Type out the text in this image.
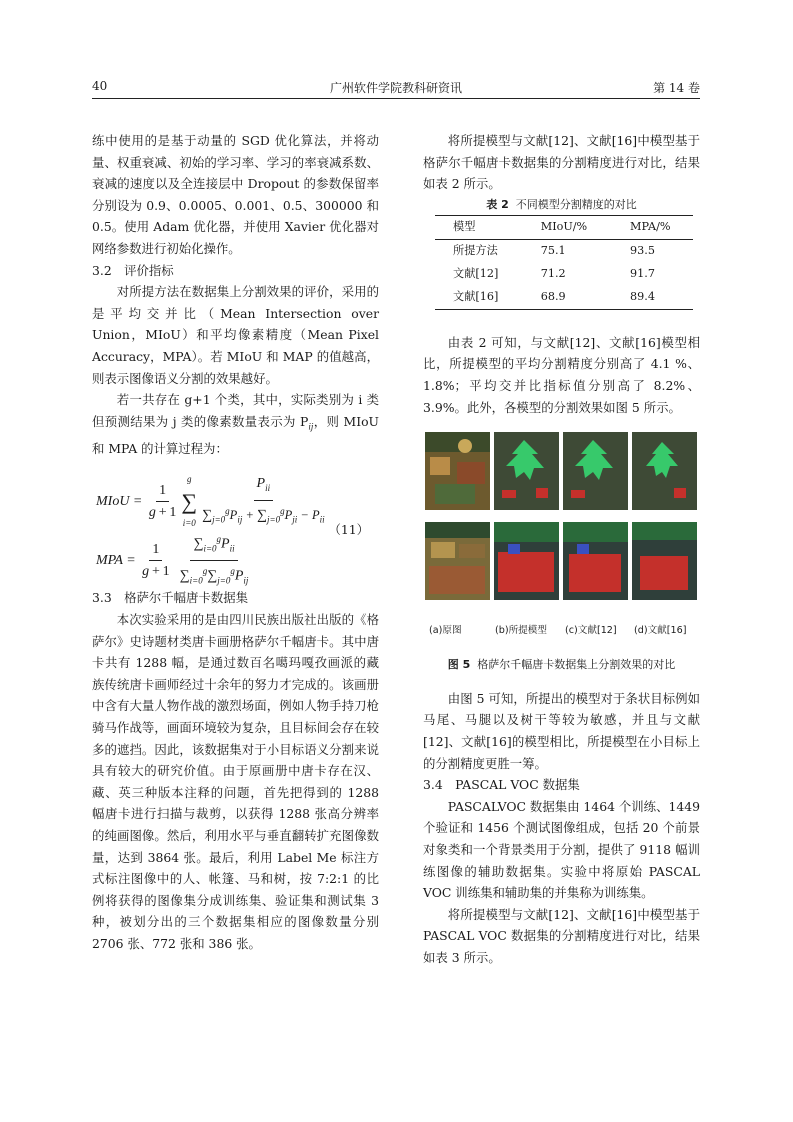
40	广州软件学院教科研资讯	第 14 卷

练中使用的是基于动量的 SGD 优化算法，并将动量、权重衰减、初始的学习率、学习的率衰减系数、衰减的速度以及全连接层中 Dropout 的参数保留率分别设为 0.9、0.0005、0.001、0.5、300000 和 0.5。使用 Adam 优化器，并使用 Xavier 优化器对网络参数进行初始化操作。

3.2　评价指标

对所提方法在数据集上分割效果的评价，采用的是平均交并比（Mean Intersection over Union，MIoU）和平均像素精度（Mean Pixel Accuracy，MPA）。若 MIoU 和 MAP 的值越高，则表示图像语义分割的效果越好。

若一共存在 g+1 个类，其中，实际类别为 i 类但预测结果为 j 类的像素数量表示为 $P_{ij}$，则 MIoU 和 MPA 的计算过程为：

MIoU =
$\frac{1}{g + 1}$
g
∑
$i=0 \frac{P_{ii}}{\sum_{j=0}^gP_{ij} + \sum_{j=0}^gP_{ji} - P_{ii}}$
MPA =
$\frac{1}{g + 1} \frac{\sum_{i=0}^gP_{ii}}{\sum_{i=0}^g\sum_{j=0}^gP_{ij}}$	（11）

3.3　格萨尔千幅唐卡数据集

本次实验采用的是由四川民族出版社出版的《格萨尔》史诗题材类唐卡画册格萨尔千幅唐卡。其中唐卡共有 1288 幅，是通过数百名噶玛嘎孜画派的藏族传统唐卡画师经过十余年的努力才完成的。该画册中含有大量人物作战的激烈场面，例如人物手持刀枪骑马作战等，画面环境较为复杂，且目标间会存在较多的遮挡。因此，该数据集对于小目标语义分割来说具有较大的研究价值。由于原画册中唐卡存在汉、藏、英三种版本注释的问题，首先把得到的 1288 幅唐卡进行扫描与裁剪，以获得 1288 张高分辨率的纯画图像。然后，利用水平与垂直翻转扩充图像数量，达到 3864 张。最后，利用 Label Me 标注方式标注图像中的人、帐篷、马和树，按 7:2:1 的比例将获得的图像集分成训练集、验证集和测试集 3 种，被划分出的三个数据集相应的图像数量分别 2706 张、772 张和 386 张。

将所提模型与文献[12]、文献[16]中模型基于格萨尔千幅唐卡数据集的分割精度进行对比，结果如表 2 所示。

表 2 不同模型分割精度的对比
模型	MIoU/%	MPA/%
所提方法	75.1	93.5
文献[12]	71.2	91.7
文献[16]	68.9	89.4

由表 2 可知，与文献[12]、文献[16]模型相比，所提模型的平均分割精度分别高了 4.1 %、1.8%；平均交并比指标值分别高了 8.2%、3.9%。此外，各模型的分割效果如图 5 所示。

(a)原图	(b)所提模型 (c)文献[12] (d)文献[16]
图 5 格萨尔千幅唐卡数据集上分割效果的对比

由图 5 可知，所提出的模型对于条状目标例如马尾、马腿以及树干等较为敏感，并且与文献[12]、文献[16]的模型相比，所提模型在小目标上的分割精度更胜一筹。

3.4　PASCAL VOC 数据集

PASCALVOC 数据集由 1464 个训练、1449 个验证和 1456 个测试图像组成，包括 20 个前景对象类和一个背景类用于分割，提供了 9118 幅训练图像的辅助数据集。实验中将原始 PASCAL VOC 训练集和辅助集的并集称为训练集。

将所提模型与文献[12]、文献[16]中模型基于 PASCAL VOC 数据集的分割精度进行对比，结果如表 3 所示。
